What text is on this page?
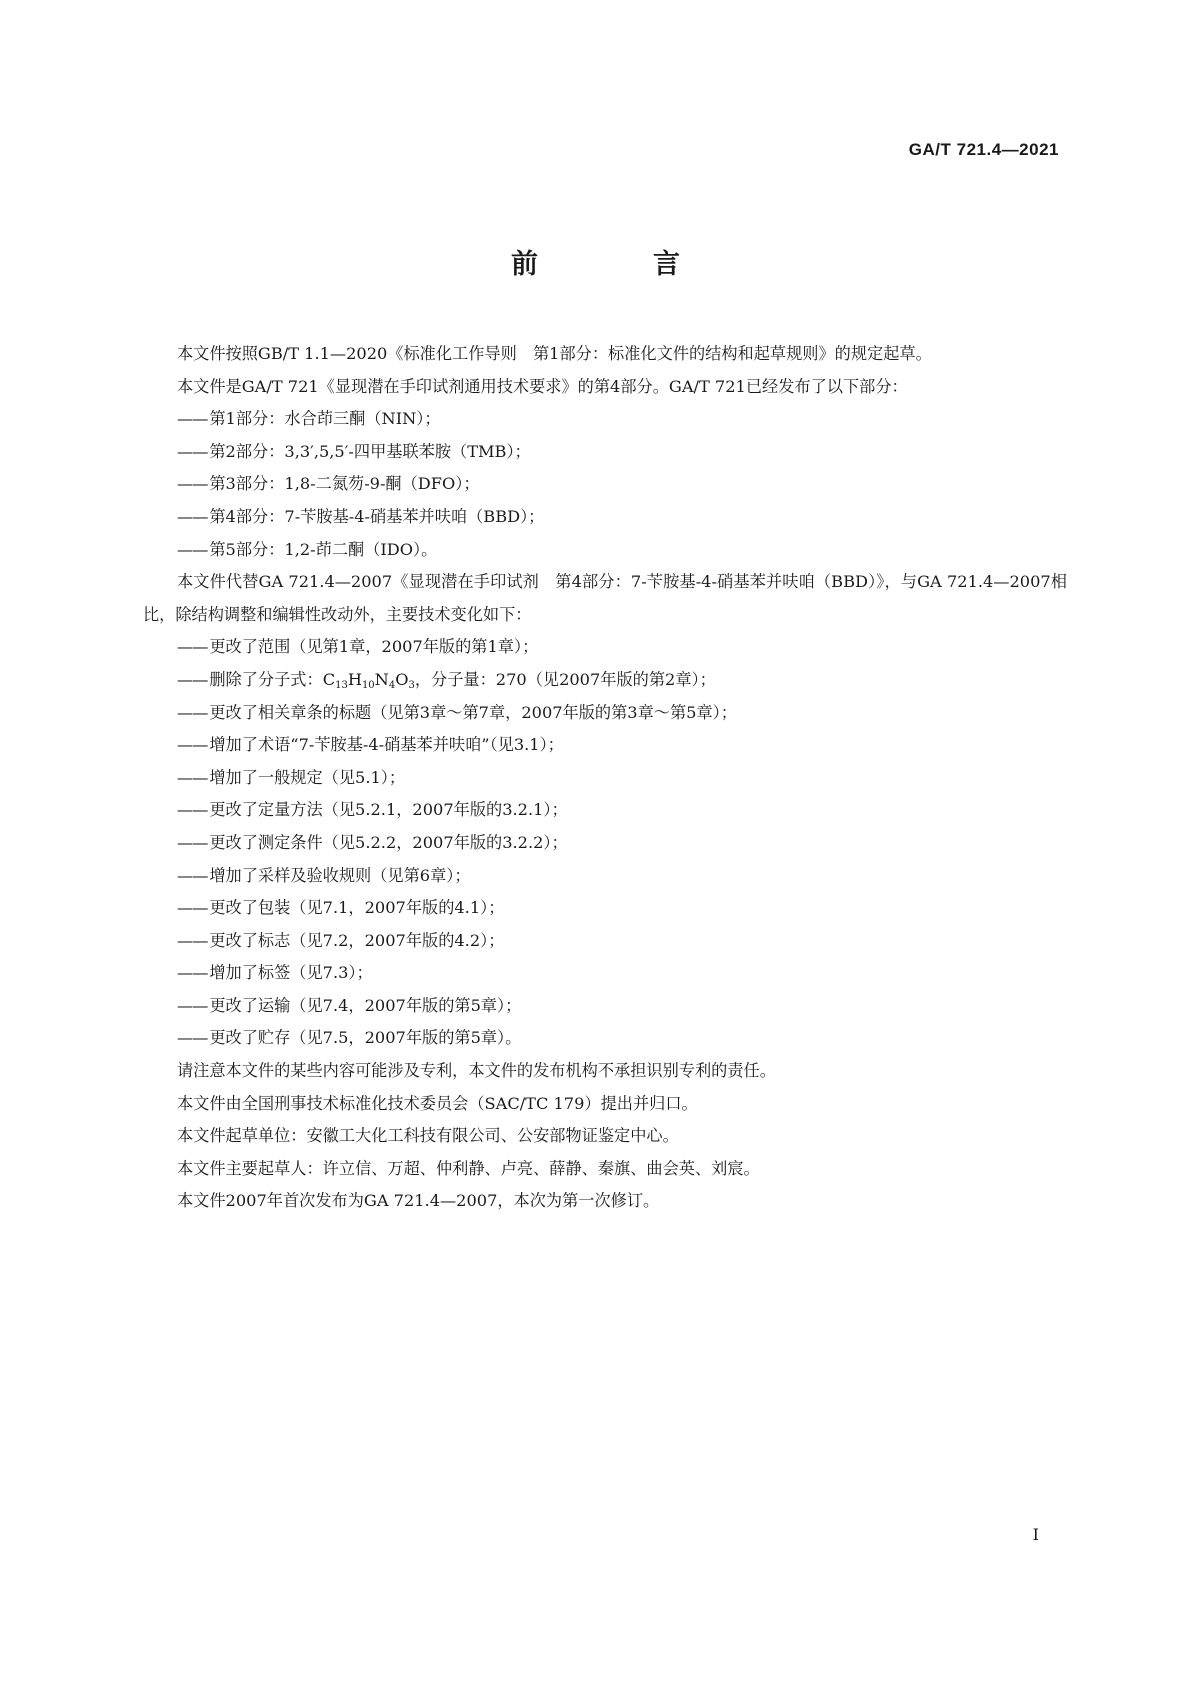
GA/T 721.4—2021
前　言

本文件按照GB/T 1.1—2020《标准化工作导则　第1部分：标准化文件的结构和起草规则》的规定起草。

本文件是GA/T 721《显现潜在手印试剂通用技术要求》的第4部分。GA/T 721已经发布了以下部分：

—— 第1部分：水合茚三酮（NIN）；

—— 第2部分：3,3′,5,5′-四甲基联苯胺（TMB）；

—— 第3部分：1,8-二氮芴-9-酮（DFO）；

—— 第4部分：7-苄胺基-4-硝基苯并呋咱（BBD）；

—— 第5部分：1,2-茚二酮（IDO）。

本文件代替GA 721.4—2007《显现潜在手印试剂　第4部分：7-苄胺基-4-硝基苯并呋咱（BBD）》，与GA 721.4—2007相比，除结构调整和编辑性改动外，主要技术变化如下：

—— 更改了范围（见第1章，2007年版的第1章）；

—— 删除了分子式：$C_{13}H_{10}N_4O_3$，分子量：270（见2007年版的第2章）；

—— 更改了相关章条的标题（见第3章～第7章，2007年版的第3章～第5章）；

—— 增加了术语“7-苄胺基-4-硝基苯并呋咱”（见3.1）；

—— 增加了一般规定（见5.1）；

—— 更改了定量方法（见5.2.1，2007年版的3.2.1）；

—— 更改了测定条件（见5.2.2，2007年版的3.2.2）；

—— 增加了采样及验收规则（见第6章）；

—— 更改了包装（见7.1，2007年版的4.1）；

—— 更改了标志（见7.2，2007年版的4.2）；

—— 增加了标签（见7.3）；

—— 更改了运输（见7.4，2007年版的第5章）；

—— 更改了贮存（见7.5，2007年版的第5章）。

请注意本文件的某些内容可能涉及专利，本文件的发布机构不承担识别专利的责任。

本文件由全国刑事技术标准化技术委员会（SAC/TC 179）提出并归口。

本文件起草单位：安徽工大化工科技有限公司、公安部物证鉴定中心。

本文件主要起草人：许立信、万超、仲利静、卢亮、薛静、秦旗、曲会英、刘宸。

本文件2007年首次发布为GA 721.4—2007，本次为第一次修订。

I
